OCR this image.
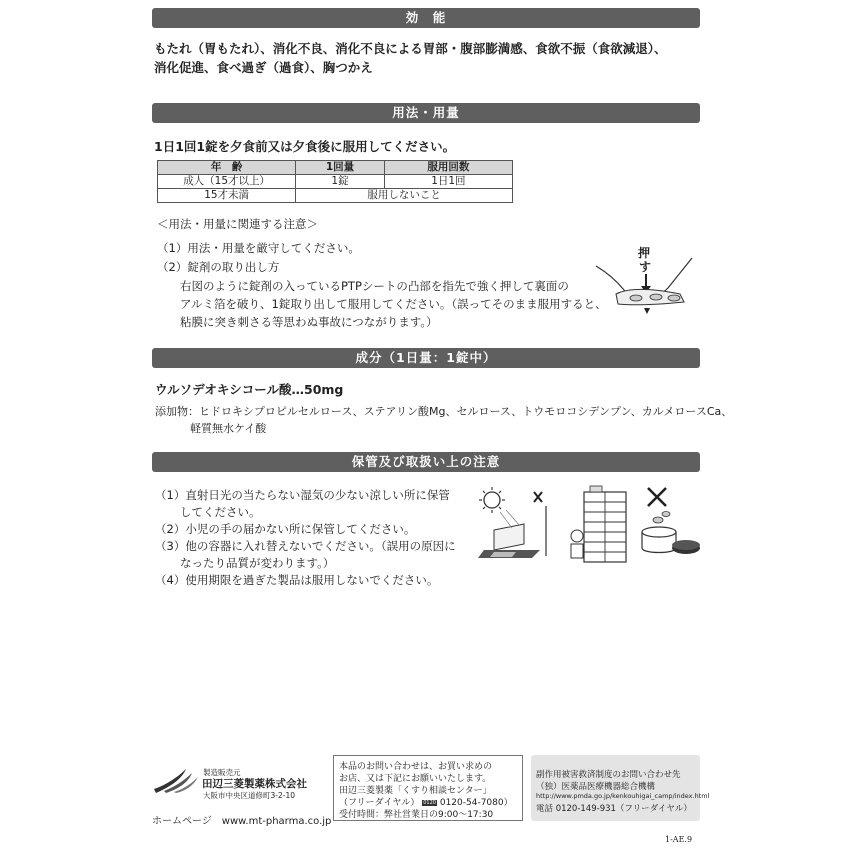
効　能
もたれ（胃もたれ）、消化不良、消化不良による胃部・腹部膨満感、食欲不振（食欲減退）、
消化促進、食べ過ぎ（過食）、胸つかえ
用法・用量
1日1回1錠を夕食前又は夕食後に服用してください。
年　齢	1回量	服用回数
成人（15才以上）	1錠	1日1回
15才未満	服用しないこと	
＜用法・用量に関連する注意＞
（1）用法・用量を厳守してください。
（2）錠剤の取り出し方
右図のように錠剤の入っているPTPシートの凸部を指先で強く押して裏面の
アルミ箔を破り、1錠取り出して服用してください。（誤ってそのまま服用すると、
粘膜に突き刺さる等思わぬ事故につながります。）
押
す
成分（1日量：1錠中）
ウルソデオキシコール酸…50mg
添加物：ヒドロキシプロピルセルロース、ステアリン酸Mg、セルロース、トウモロコシデンプン、カルメロースCa、
軽質無水ケイ酸
保管及び取扱い上の注意
（1）直射日光の当たらない湿気の少ない涼しい所に保管
してください。
（2）小児の手の届かない所に保管してください。
（3）他の容器に入れ替えないでください。（誤用の原因に
なったり品質が変わります。）
（4）使用期限を過ぎた製品は服用しないでください。
製造販売元
田辺三菱製薬株式会社
大阪市中央区道修町3-2-10
ホームページ　www.mt-pharma.co.jp
本品のお問い合わせは、お買い求めの
お店、又は下記にお願いいたします。
田辺三菱製薬「くすり相談センター」
（フリーダイヤル） 0120 0120-54-7080）
受付時間：弊社営業日の9:00～17:30
副作用被害救済制度のお問い合わせ先
（独）医薬品医療機器総合機構
http://www.pmda.go.jp/kenkouhigai_camp/index.html
電話 0120-149-931（フリーダイヤル）
1-AE.9
